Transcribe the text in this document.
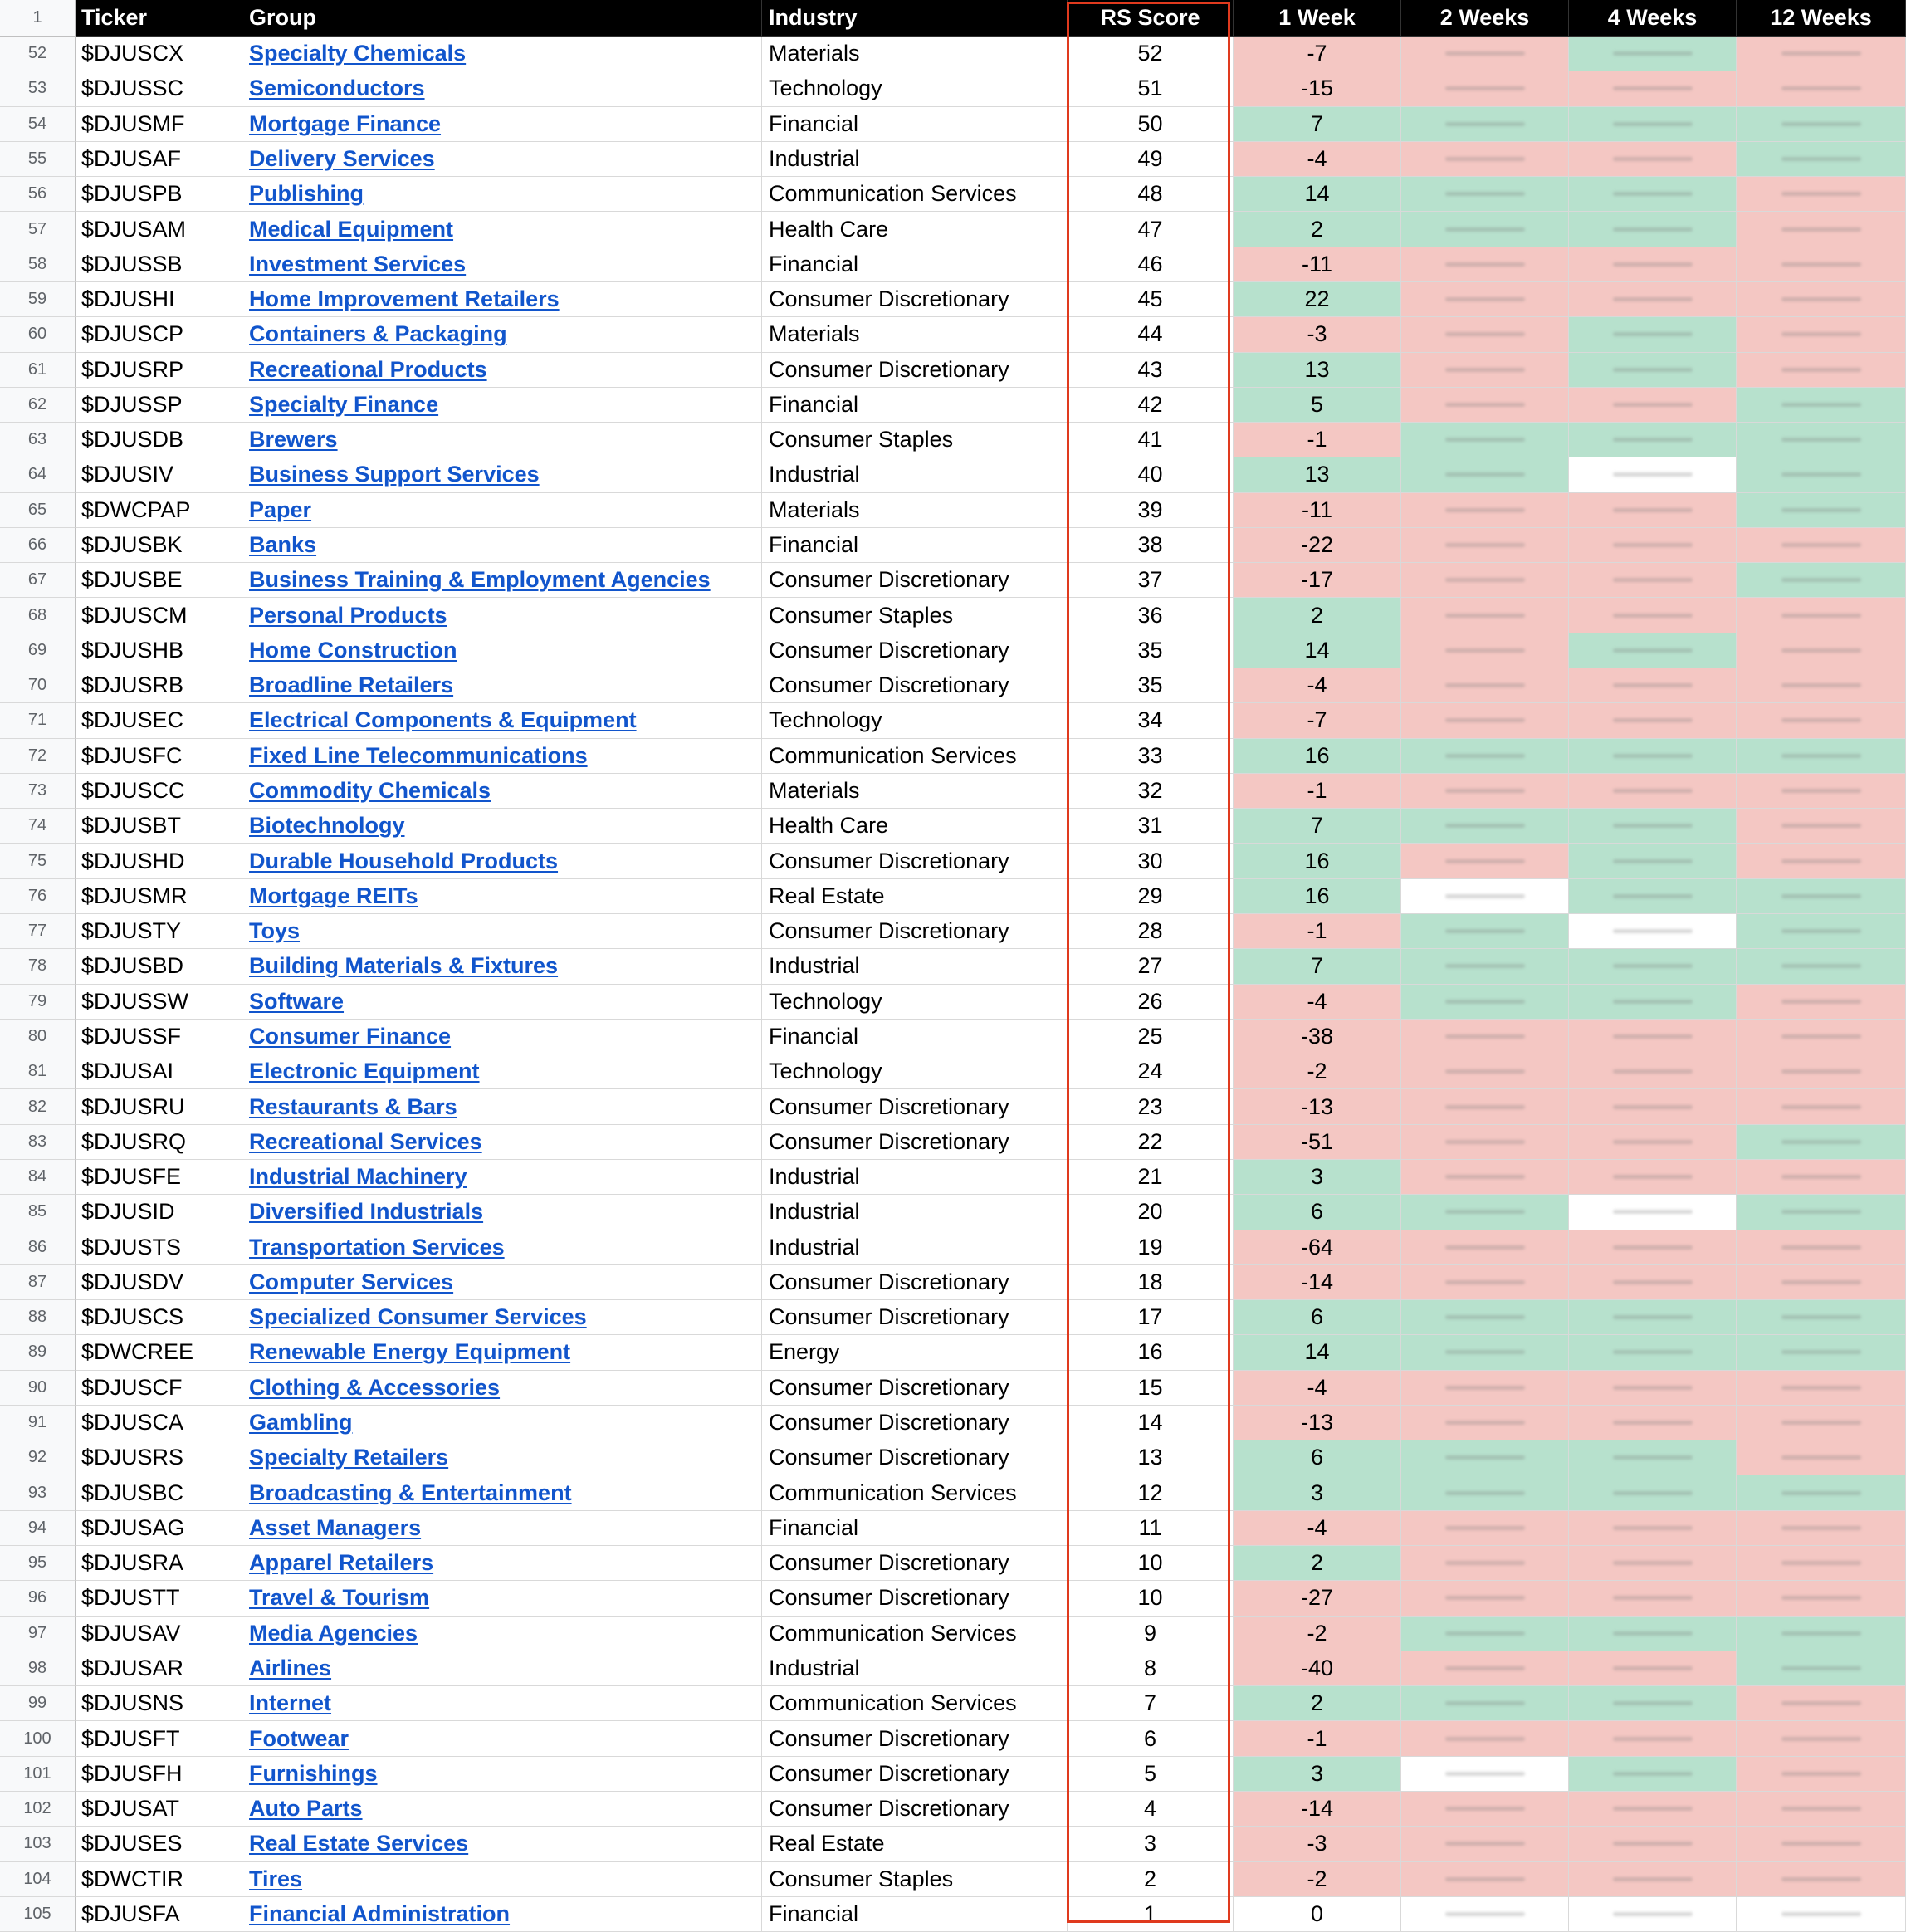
1	Ticker	Group	Industry	RS Score	1 Week	2 Weeks	4 Weeks	12 Weeks
52	$DJUSCX	Specialty Chemicals	Materials	52	-7
53	$DJUSSC	Semiconductors	Technology	51	-15
54	$DJUSMF	Mortgage Finance	Financial	50	7
55	$DJUSAF	Delivery Services	Industrial	49	-4
56	$DJUSPB	Publishing	Communication Services	48	14
57	$DJUSAM	Medical Equipment	Health Care	47	2
58	$DJUSSB	Investment Services	Financial	46	-11
59	$DJUSHI	Home Improvement Retailers	Consumer Discretionary	45	22
60	$DJUSCP	Containers & Packaging	Materials	44	-3
61	$DJUSRP	Recreational Products	Consumer Discretionary	43	13
62	$DJUSSP	Specialty Finance	Financial	42	5
63	$DJUSDB	Brewers	Consumer Staples	41	-1
64	$DJUSIV	Business Support Services	Industrial	40	13
65	$DWCPAP	Paper	Materials	39	-11
66	$DJUSBK	Banks	Financial	38	-22
67	$DJUSBE	Business Training & Employment Agencies	Consumer Discretionary	37	-17
68	$DJUSCM	Personal Products	Consumer Staples	36	2
69	$DJUSHB	Home Construction	Consumer Discretionary	35	14
70	$DJUSRB	Broadline Retailers	Consumer Discretionary	35	-4
71	$DJUSEC	Electrical Components & Equipment	Technology	34	-7
72	$DJUSFC	Fixed Line Telecommunications	Communication Services	33	16
73	$DJUSCC	Commodity Chemicals	Materials	32	-1
74	$DJUSBT	Biotechnology	Health Care	31	7
75	$DJUSHD	Durable Household Products	Consumer Discretionary	30	16
76	$DJUSMR	Mortgage REITs	Real Estate	29	16
77	$DJUSTY	Toys	Consumer Discretionary	28	-1
78	$DJUSBD	Building Materials & Fixtures	Industrial	27	7
79	$DJUSSW	Software	Technology	26	-4
80	$DJUSSF	Consumer Finance	Financial	25	-38
81	$DJUSAI	Electronic Equipment	Technology	24	-2
82	$DJUSRU	Restaurants & Bars	Consumer Discretionary	23	-13
83	$DJUSRQ	Recreational Services	Consumer Discretionary	22	-51
84	$DJUSFE	Industrial Machinery	Industrial	21	3
85	$DJUSID	Diversified Industrials	Industrial	20	6
86	$DJUSTS	Transportation Services	Industrial	19	-64
87	$DJUSDV	Computer Services	Consumer Discretionary	18	-14
88	$DJUSCS	Specialized Consumer Services	Consumer Discretionary	17	6
89	$DWCREE	Renewable Energy Equipment	Energy	16	14
90	$DJUSCF	Clothing & Accessories	Consumer Discretionary	15	-4
91	$DJUSCA	Gambling	Consumer Discretionary	14	-13
92	$DJUSRS	Specialty Retailers	Consumer Discretionary	13	6
93	$DJUSBC	Broadcasting & Entertainment	Communication Services	12	3
94	$DJUSAG	Asset Managers	Financial	11	-4
95	$DJUSRA	Apparel Retailers	Consumer Discretionary	10	2
96	$DJUSTT	Travel & Tourism	Consumer Discretionary	10	-27
97	$DJUSAV	Media Agencies	Communication Services	9	-2
98	$DJUSAR	Airlines	Industrial	8	-40
99	$DJUSNS	Internet	Communication Services	7	2
100	$DJUSFT	Footwear	Consumer Discretionary	6	-1
101	$DJUSFH	Furnishings	Consumer Discretionary	5	3
102	$DJUSAT	Auto Parts	Consumer Discretionary	4	-14
103	$DJUSES	Real Estate Services	Real Estate	3	-3
104	$DWCTIR	Tires	Consumer Staples	2	-2
105	$DJUSFA	Financial Administration	Financial	1	0
